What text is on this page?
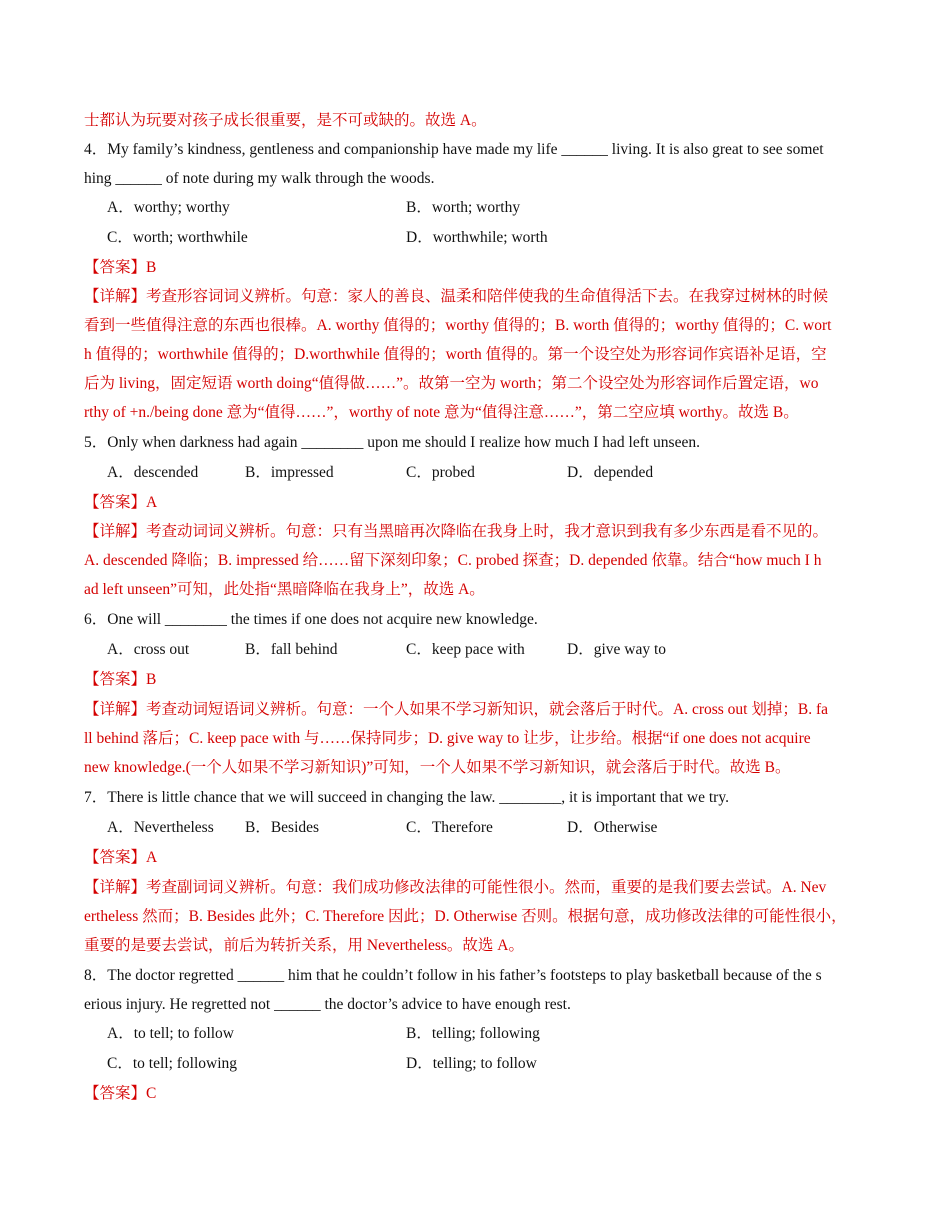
士都认为玩要对孩子成长很重要，是不可或缺的。故选 A。
4．My family’s kindness, gentleness and companionship have made my life ______ living. It is also great to see somet
hing ______ of note during my walk through the woods.
A．worthy; worthy	B．worth; worthy
C．worth; worthwhile	D．worthwhile; worth
【答案】B
【详解】考查形容词词义辨析。句意：家人的善良、温柔和陪伴使我的生命值得活下去。在我穿过树林的时候
看到一些值得注意的东西也很棒。A. worthy 值得的；worthy 值得的；B. worth 值得的；worthy 值得的；C. wort
h 值得的；worthwhile 值得的；D.worthwhile 值得的；worth 值得的。第一个设空处为形容词作宾语补足语，空
后为 living，固定短语 worth doing“值得做……”。故第一空为 worth；第二个设空处为形容词作后置定语，wo
rthy of +n./being done 意为“值得……”，worthy of note 意为“值得注意……”，第二空应填 worthy。故选 B。
5．Only when darkness had again ________ upon me should I realize how much I had left unseen.
A．descended	B．impressed	C．probed	D．depended
【答案】A
【详解】考查动词词义辨析。句意：只有当黑暗再次降临在我身上时，我才意识到我有多少东西是看不见的。
A. descended 降临；B. impressed 给……留下深刻印象；C. probed 探查；D. depended 依靠。结合“how much I h
ad left unseen”可知，此处指“黑暗降临在我身上”，故选 A。
6．One will ________ the times if one does not acquire new knowledge.
A．cross out	B．fall behind	C．keep pace with	D．give way to
【答案】B
【详解】考查动词短语词义辨析。句意：一个人如果不学习新知识，就会落后于时代。A. cross out 划掉；B. fa
ll behind 落后；C. keep pace with 与……保持同步；D. give way to 让步，让步给。根据“if one does not acquire
new knowledge.(一个人如果不学习新知识)”可知，一个人如果不学习新知识，就会落后于时代。故选 B。
7．There is little chance that we will succeed in changing the law. ________, it is important that we try.
A．Nevertheless B．Besides	C．Therefore	D．Otherwise
【答案】A
【详解】考查副词词义辨析。句意：我们成功修改法律的可能性很小。然而，重要的是我们要去尝试。A. Nev
ertheless 然而；B. Besides 此外；C. Therefore 因此；D. Otherwise 否则。根据句意，成功修改法律的可能性很小，
重要的是要去尝试，前后为转折关系，用 Nevertheless。故选 A。
8．The doctor regretted ______ him that he couldn’t follow in his father’s footsteps to play basketball because of the s
erious injury. He regretted not ______ the doctor’s advice to have enough rest.
A．to tell; to follow	B．telling; following
C．to tell; following	D．telling; to follow
【答案】C
